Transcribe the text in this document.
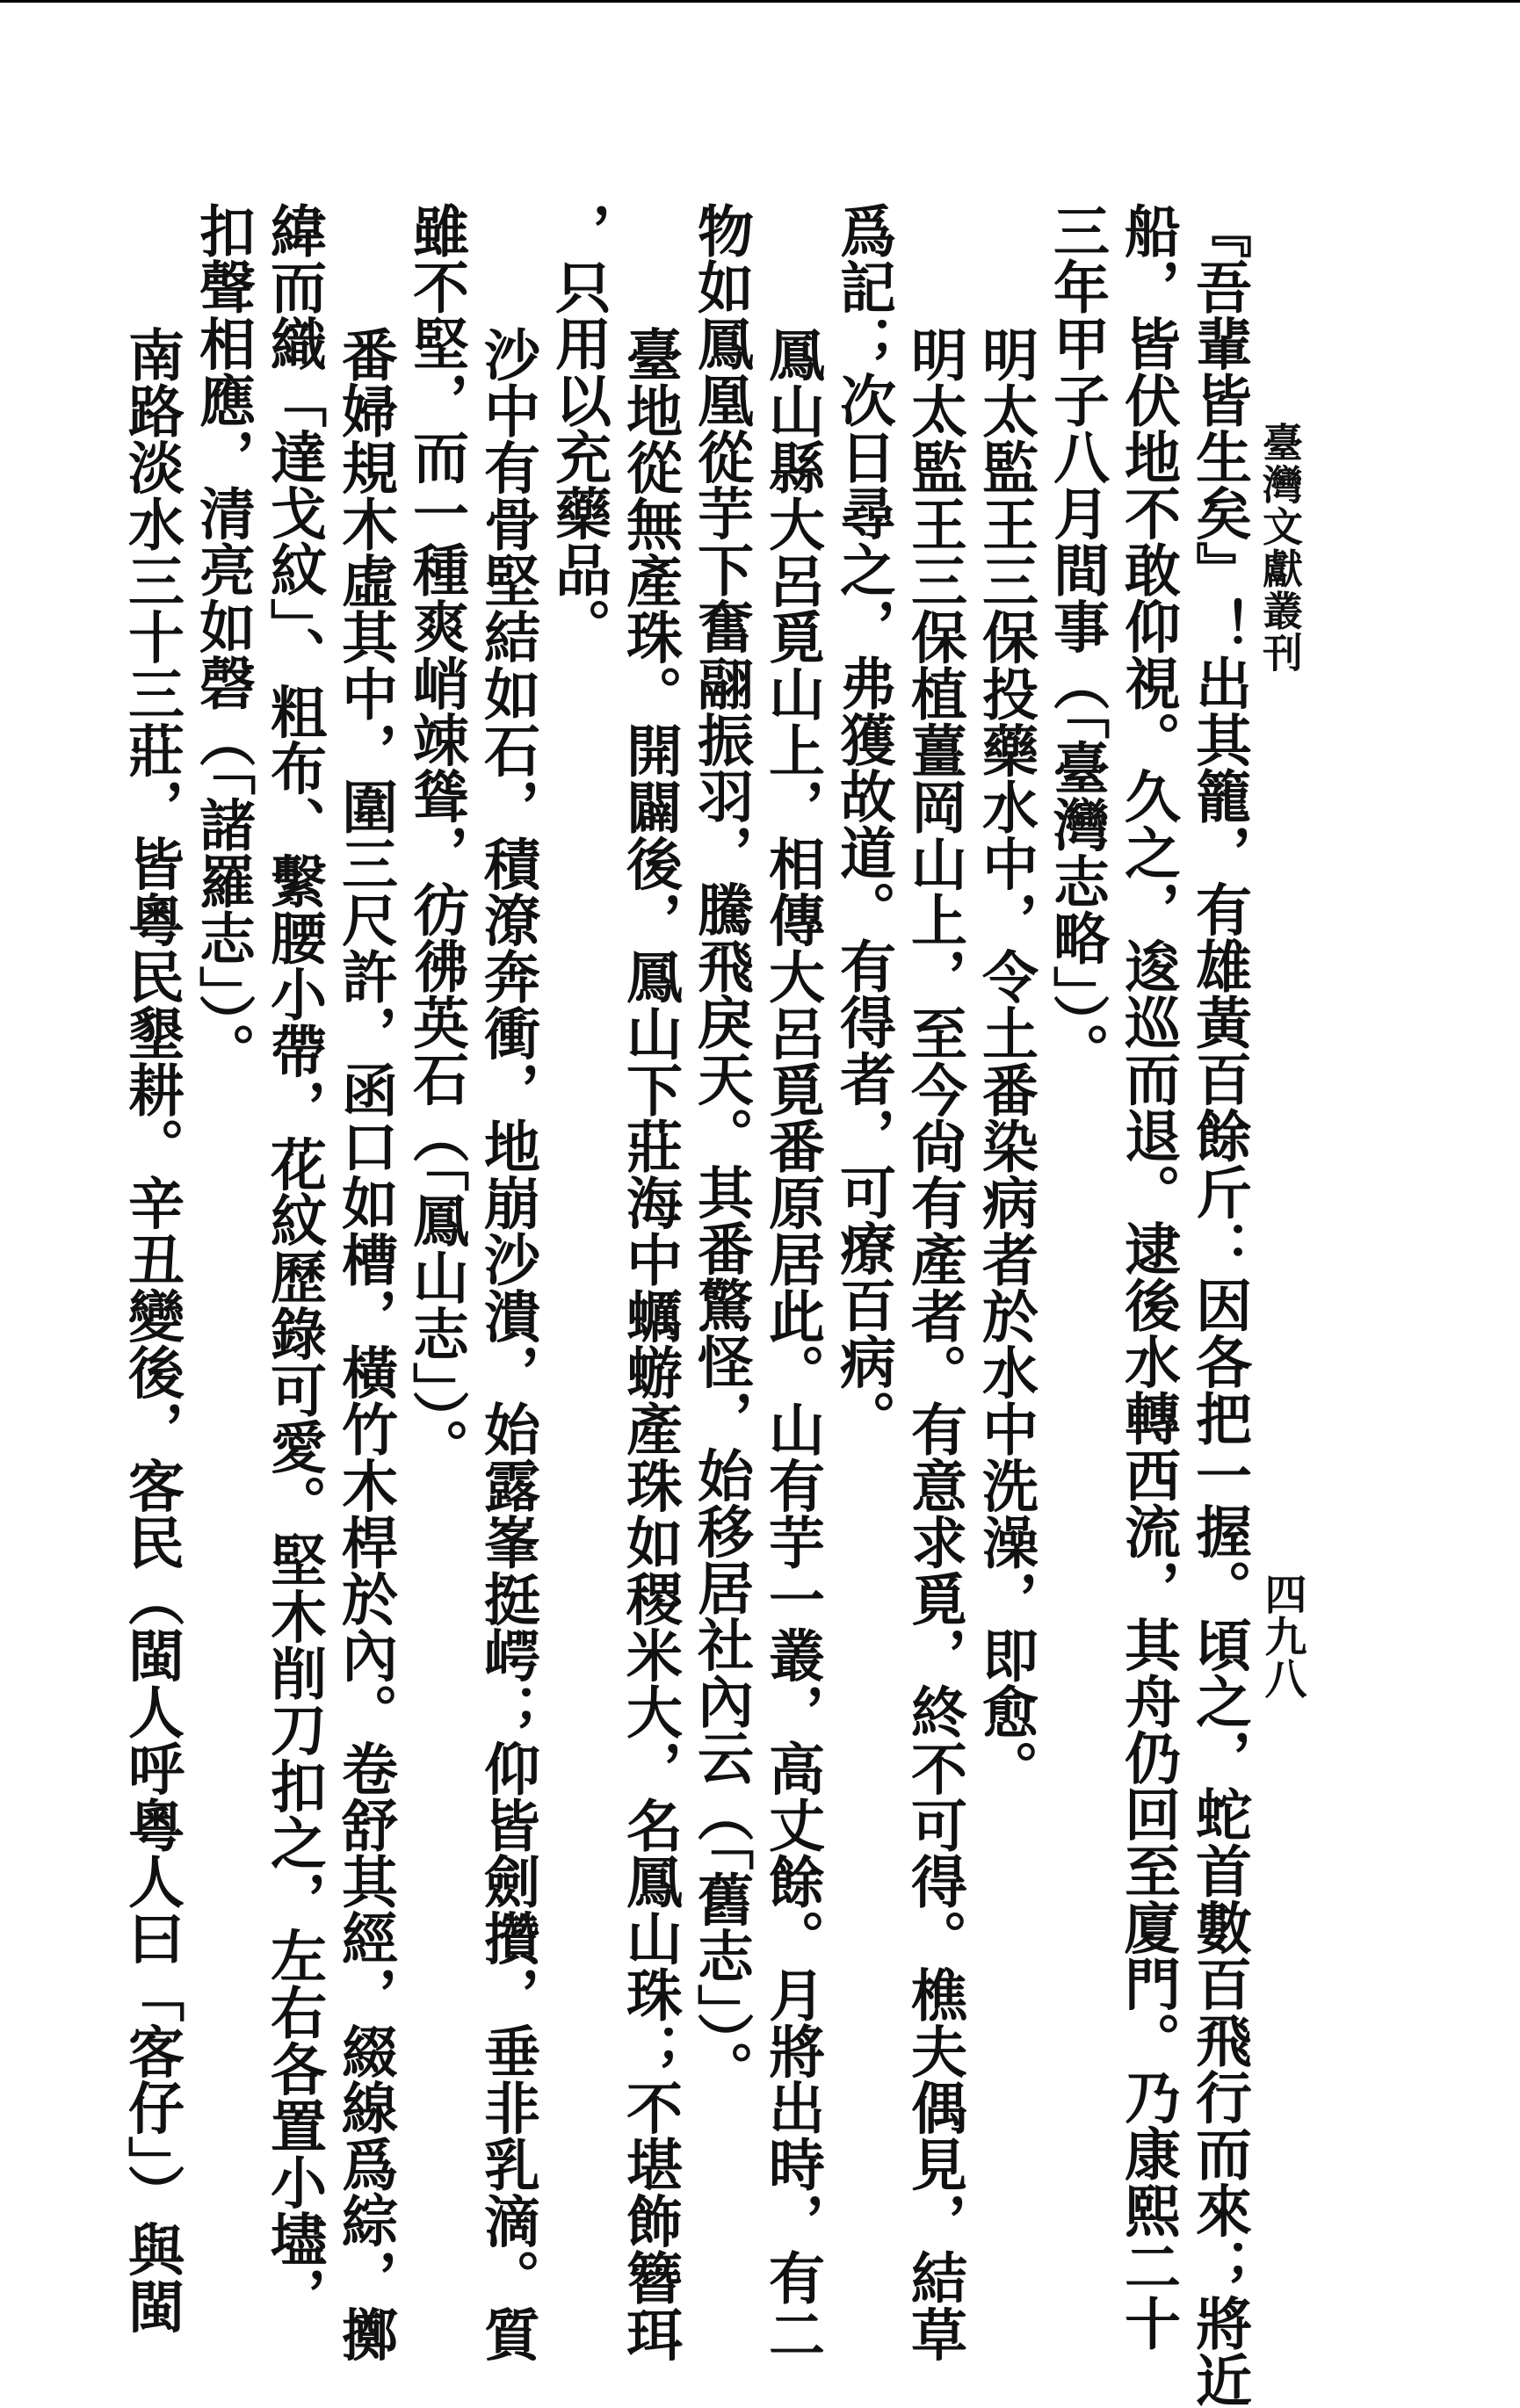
臺灣文獻叢刊
四九八
『吾輩皆生矣』！出其籠，有雄黃百餘斤：因各把一握。頃之，蛇首數百飛行而來；將近
船，皆伏地不敢仰視。久之，逡巡而退。逮後水轉西流，其舟仍回至廈門。乃康熙二十
三年甲子八月間事（「臺灣志略」）。
明太監王三保投藥水中，令土番染病者於水中洗澡，即愈。
明太監王三保植薑岡山上，至今尙有產者。有意求覓，終不可得。樵夫偶見，結草
爲記；次日尋之，弗獲故道。有得者，可療百病。
鳳山縣大呂覓山上，相傳大呂覓番原居此。山有芋一叢，高丈餘。月將出時，有二
物如鳳凰從芋下奮翮振羽，騰飛戾天。其番驚怪，始移居社內云（「舊志」）。
臺地從無產珠。開闢後，鳳山下莊海中蠣蝣產珠如稷米大，名鳳山珠；不堪飾簪珥
，只用以充藥品。
沙中有骨堅結如石，積潦奔衝，地崩沙潰，始露峯挺崿；仰皆劍攢，垂非乳滴。質
雖不堅，而一種爽峭竦聳，彷彿英石（「鳳山志」）。
番婦規木虛其中，圍三尺許，函口如槽，橫竹木桿於內。卷舒其經，綴線爲綜，擲
緯而織「達戈紋」、粗布、繫腰小帶，花紋歷錄可愛。堅木削刀扣之，左右各置小壗，
扣聲相應，清亮如磬（「諸羅志」）。
南路淡水三十三莊，皆粵民墾耕。辛丑變後，客民（閩人呼粵人曰「客仔」）與閩
